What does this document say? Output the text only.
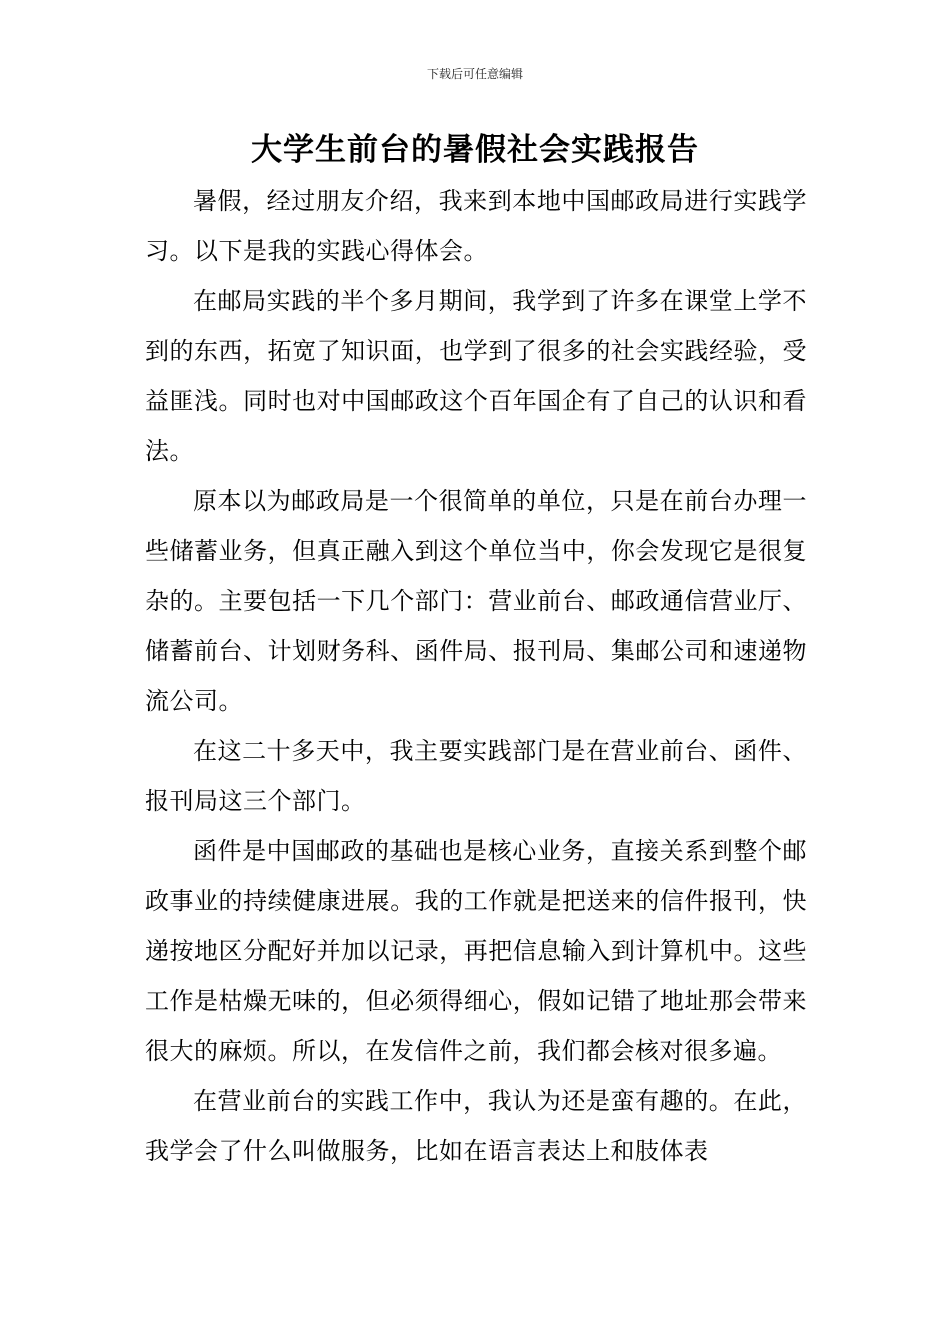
下载后可任意编辑
大学生前台的暑假社会实践报告

暑假，经过朋友介绍，我来到本地中国邮政局进行实践学习。以下是我的实践心得体会。

在邮局实践的半个多月期间，我学到了许多在课堂上学不到的东西，拓宽了知识面，也学到了很多的社会实践经验，受益匪浅。同时也对中国邮政这个百年国企有了自己的认识和看法。

原本以为邮政局是一个很简单的单位，只是在前台办理一些储蓄业务，但真正融入到这个单位当中，你会发现它是很复杂的。主要包括一下几个部门：营业前台、邮政通信营业厅、储蓄前台、计划财务科、函件局、报刊局、集邮公司和速递物流公司。

在这二十多天中，我主要实践部门是在营业前台、函件、报刊局这三个部门。

函件是中国邮政的基础也是核心业务，直接关系到整个邮政事业的持续健康进展。我的工作就是把送来的信件报刊，快递按地区分配好并加以记录，再把信息输入到计算机中。这些工作是枯燥无味的，但必须得细心，假如记错了地址那会带来很大的麻烦。所以，在发信件之前，我们都会核对很多遍。

在营业前台的实践工作中，我认为还是蛮有趣的。在此，我学会了什么叫做服务，比如在语言表达上和肢体表
